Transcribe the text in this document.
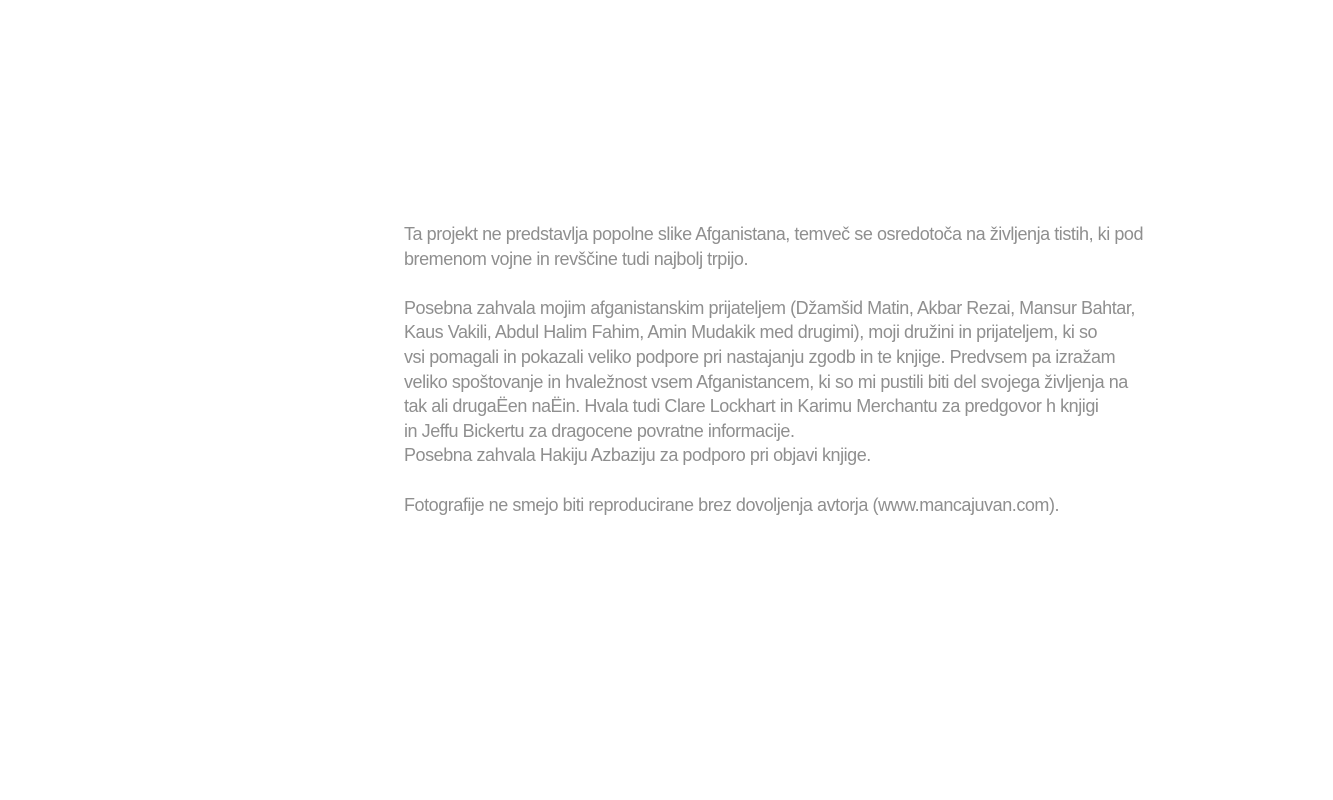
Ta projekt ne predstavlja popolne slike Afganistana, temveč se osredotoča na življenja tistih, ki pod
bremenom vojne in revščine tudi najbolj trpijo.

Posebna zahvala mojim afganistanskim prijateljem (Džamšid Matin, Akbar Rezai, Mansur Bahtar,
Kaus Vakili, Abdul Halim Fahim, Amin Mudakik med drugimi), moji družini in prijateljem, ki so
vsi pomagali in pokazali veliko podpore pri nastajanju zgodb in te knjige. Predvsem pa izražam
veliko spoštovanje in hvaležnost vsem Afganistancem, ki so mi pustili biti del svojega življenja na
tak ali drugaËen naËin. Hvala tudi Clare Lockhart in Karimu Merchantu za predgovor h knjigi
in Jeffu Bickertu za dragocene povratne informacije.
Posebna zahvala Hakiju Azbaziju za podporo pri objavi knjige.

Fotografije ne smejo biti reproducirane brez dovoljenja avtorja (www.mancajuvan.com).
